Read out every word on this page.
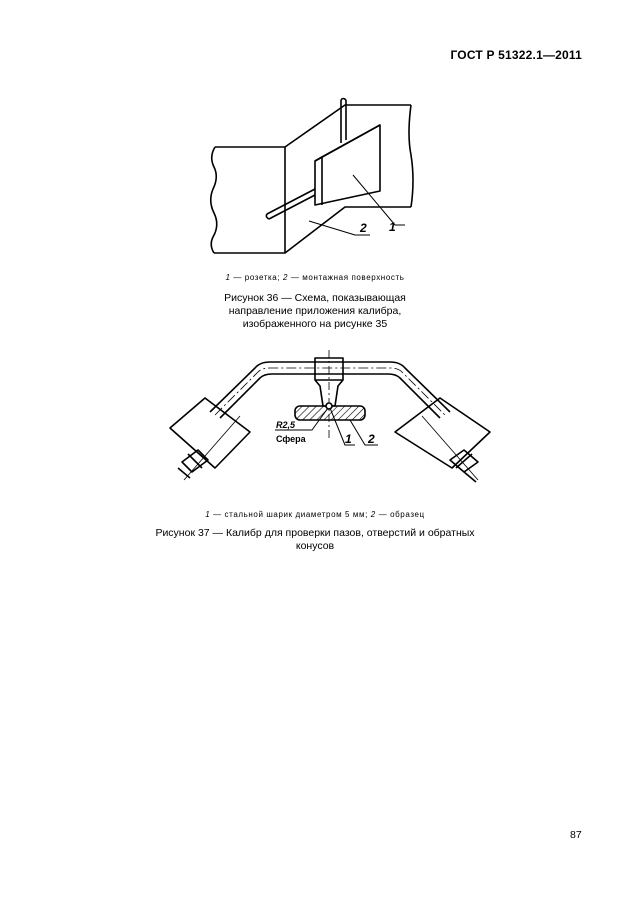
ГОСТ Р 51322.1—2011
1
2
1 — розетка; 2 — монтажная поверхность
Рисунок 36 — Схема, показывающая
направление приложения калибра,
изображенного на рисунке 35
R2,5
Сфера	1 2
1 — стальной шарик диаметром 5 мм; 2 — образец
Рисунок 37 — Калибр для проверки пазов, отверстий и обратных
конусов
87
